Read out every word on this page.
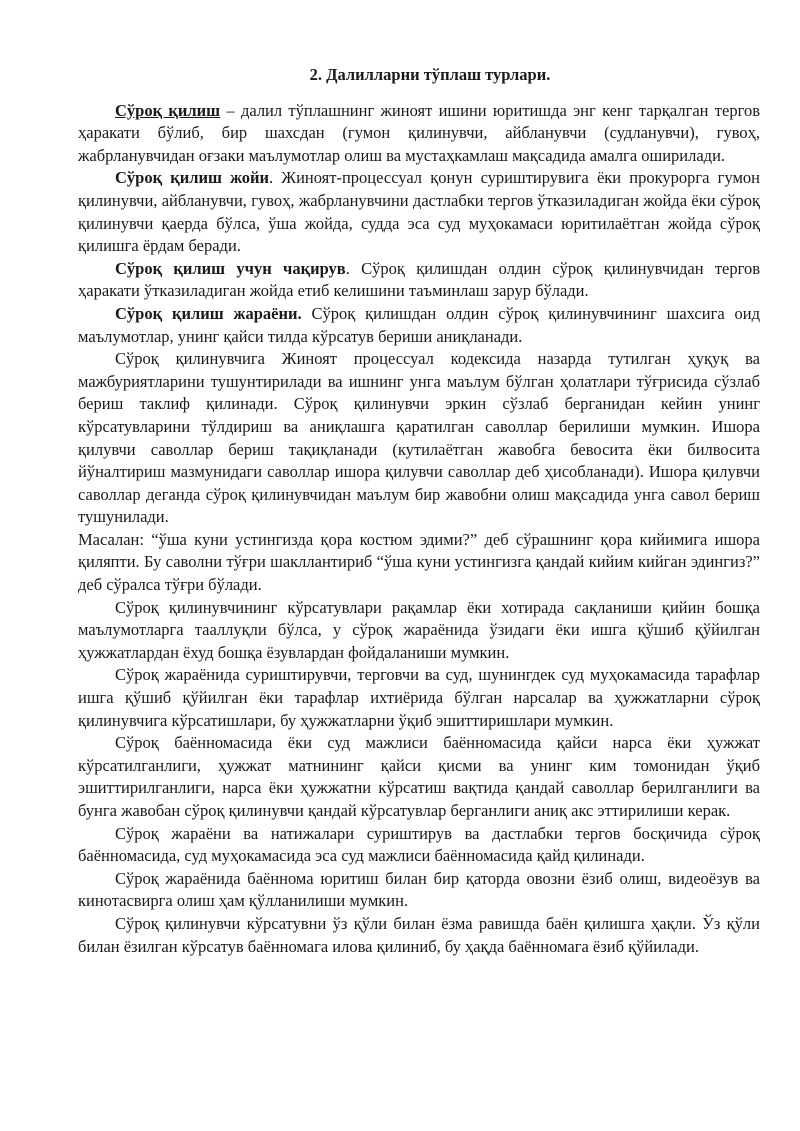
2. Далилларни тўплаш турлари.

Сўроқ қилиш – далил тўплашнинг жиноят ишини юритишда энг кенг тарқалган тергов ҳаракати бўлиб, бир шахсдан (гумон қилинувчи, айбланувчи (судланувчи), гувоҳ, жабрланувчидан оғзаки маълумотлар олиш ва мустаҳкамлаш мақсадида амалга оширилади.

Сўроқ қилиш жойи. Жиноят-процессуал қонун суриштирувига ёки прокурорга гумон қилинувчи, айбланувчи, гувоҳ, жабрланувчини дастлабки тергов ўтказиладиган жойда ёки сўроқ қилинувчи қаерда бўлса, ўша жойда, судда эса суд муҳокамаси юритилаётган жойда сўроқ қилишга ёрдам беради.

Сўроқ қилиш учун чақирув. Сўроқ қилишдан олдин сўроқ қилинувчидан тергов ҳаракати ўтказиладиган жойда етиб келишини таъминлаш зарур бўлади.

Сўроқ қилиш жараёни. Сўроқ қилишдан олдин сўроқ қилинувчининг шахсига оид маълумотлар, унинг қайси тилда кўрсатув бериши аниқланади.

Сўроқ қилинувчига Жиноят процессуал кодексида назарда тутилган ҳуқуқ ва мажбуриятларини тушунтирилади ва ишнинг унга маълум бўлган ҳолатлари тўғрисида сўзлаб бериш таклиф қилинади. Сўроқ қилинувчи эркин сўзлаб берганидан кейин унинг кўрсатувларини тўлдириш ва аниқлашга қаратилган саволлар берилиши мумкин. Ишора қилувчи саволлар бериш тақиқланади (кутилаётган жавобга бевосита ёки билвосита йўналтириш мазмунидаги саволлар ишора қилувчи саволлар деб ҳисобланади). Ишора қилувчи саволлар деганда сўроқ қилинувчидан маълум бир жавобни олиш мақсадида унга савол бериш тушунилади.

Масалан: “ўша куни устингизда қора костюм эдими?” деб сўрашнинг қора кийимига ишора қиляпти. Бу саволни тўғри шакллантириб “ўша куни устингизга қандай кийим кийган эдингиз?” деб сўралса тўғри бўлади.

Сўроқ қилинувчининг кўрсатувлари рақамлар ёки хотирада сақланиши қийин бошқа маълумотларга тааллуқли бўлса, у сўроқ жараёнида ўзидаги ёки ишга қўшиб қўйилган ҳужжатлардан ёхуд бошқа ёзувлардан фойдаланиши мумкин.

Сўроқ жараёнида суриштирувчи, терговчи ва суд, шунингдек суд муҳокамасида тарафлар ишга қўшиб қўйилган ёки тарафлар ихтиёрида бўлган нарсалар ва ҳужжатларни сўроқ қилинувчига кўрсатишлари, бу ҳужжатларни ўқиб эшиттиришлари мумкин.

Сўроқ баённомасида ёки суд мажлиси баённомасида қайси нарса ёки ҳужжат кўрсатилганлиги, ҳужжат матнининг қайси қисми ва унинг ким томонидан ўқиб эшиттирилганлиги, нарса ёки ҳужжатни кўрсатиш вақтида қандай саволлар берилганлиги ва бунга жавобан сўроқ қилинувчи қандай кўрсатувлар берганлиги аниқ акс эттирилиши керак.

Сўроқ жараёни ва натижалари суриштирув ва дастлабки тергов босқичида сўроқ баённомасида, суд муҳокамасида эса суд мажлиси баённомасида қайд қилинади.

Сўроқ жараёнида баённома юритиш билан бир қаторда овозни ёзиб олиш, видеоёзув ва кинотасвирга олиш ҳам қўлланилиши мумкин.

Сўроқ қилинувчи кўрсатувни ўз қўли билан ёзма равишда баён қилишга ҳақли. Ўз қўли билан ёзилган кўрсатув баённомага илова қилиниб, бу ҳақда баённомага ёзиб қўйилади.
